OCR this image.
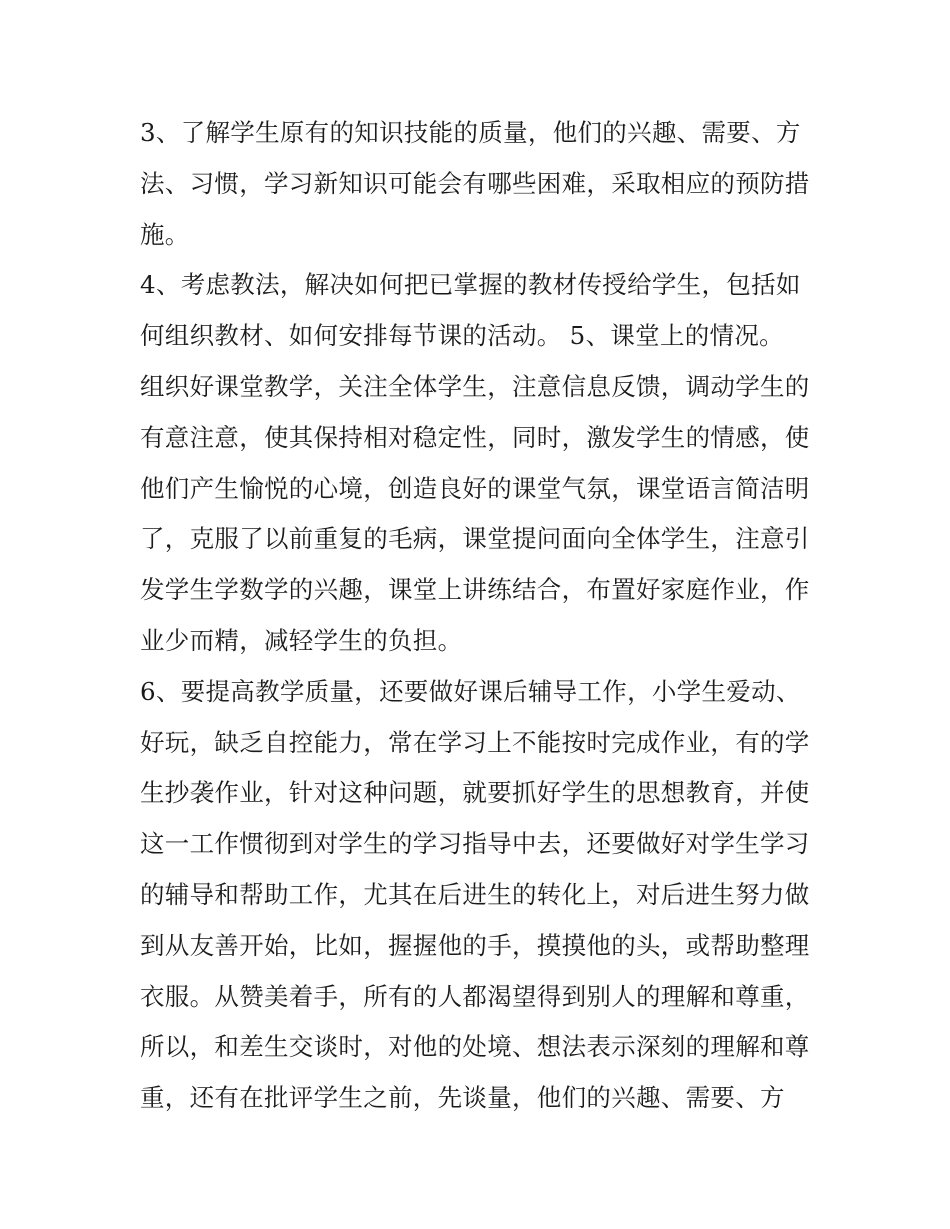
3、了解学生原有的知识技能的质量，他们的兴趣、需要、方
法、习惯，学习新知识可能会有哪些困难，采取相应的预防措
施。
4、考虑教法，解决如何把已掌握的教材传授给学生，包括如
何组织教材、如何安排每节课的活动。 5、课堂上的情况。
组织好课堂教学，关注全体学生，注意信息反馈，调动学生的
有意注意，使其保持相对稳定性，同时，激发学生的情感，使
他们产生愉悦的心境，创造良好的课堂气氛，课堂语言简洁明
了，克服了以前重复的毛病，课堂提问面向全体学生，注意引
发学生学数学的兴趣，课堂上讲练结合，布置好家庭作业，作
业少而精，减轻学生的负担。
6、要提高教学质量，还要做好课后辅导工作，小学生爱动、
好玩，缺乏自控能力，常在学习上不能按时完成作业，有的学
生抄袭作业，针对这种问题，就要抓好学生的思想教育，并使
这一工作惯彻到对学生的学习指导中去，还要做好对学生学习
的辅导和帮助工作，尤其在后进生的转化上，对后进生努力做
到从友善开始，比如，握握他的手，摸摸他的头，或帮助整理
衣服。从赞美着手，所有的人都渴望得到别人的理解和尊重，
所以，和差生交谈时，对他的处境、想法表示深刻的理解和尊
重，还有在批评学生之前，先谈量，他们的兴趣、需要、方
